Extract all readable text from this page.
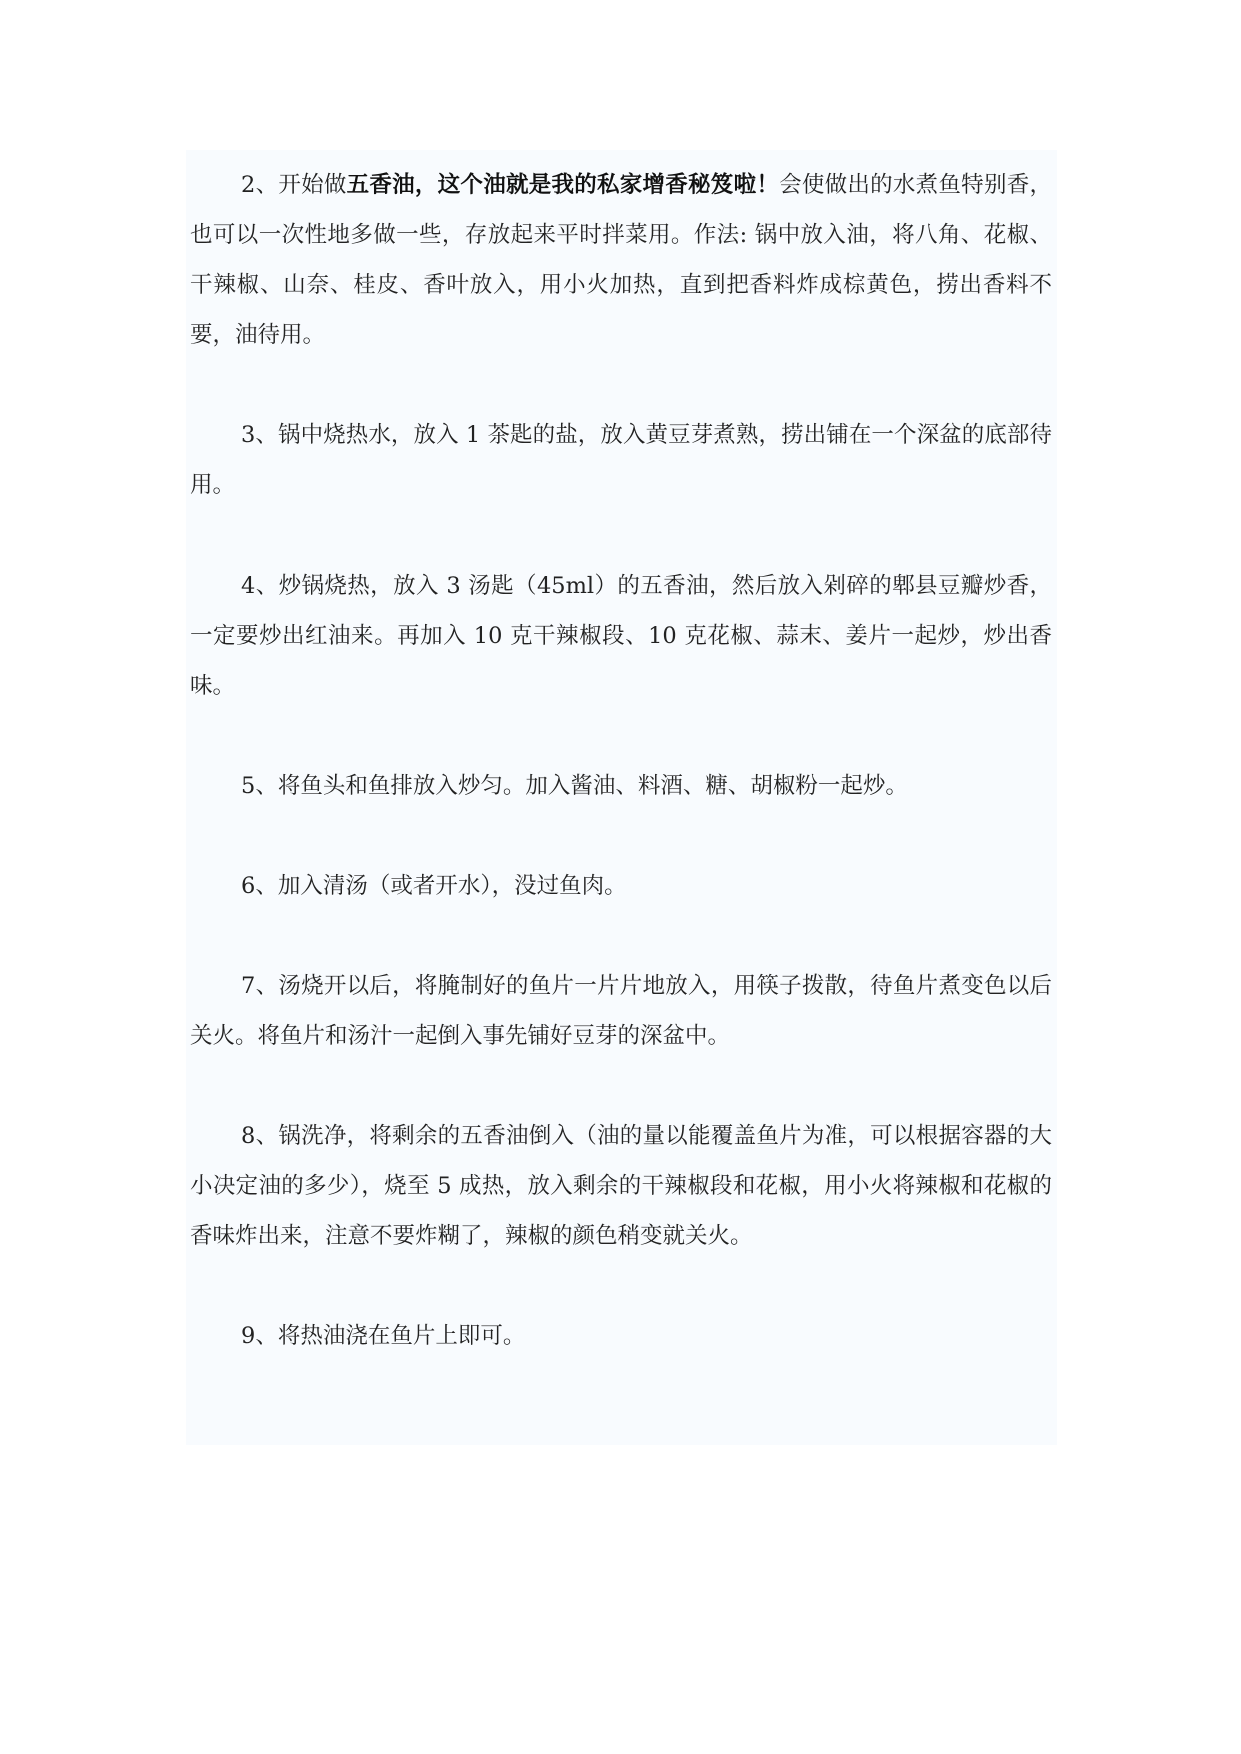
2、开始做五香油，这个油就是我的私家增香秘笈啦！会使做出的水煮鱼特别香，也可以一次性地多做一些，存放起来平时拌菜用。作法: 锅中放入油，将八角、花椒、干辣椒、山奈、桂皮、香叶放入，用小火加热，直到把香料炸成棕黄色，捞出香料不要，油待用。

3、锅中烧热水，放入 1 茶匙的盐，放入黄豆芽煮熟，捞出铺在一个深盆的底部待用。

4、炒锅烧热，放入 3 汤匙（45ml）的五香油，然后放入剁碎的郫县豆瓣炒香，一定要炒出红油来。再加入 10 克干辣椒段、10 克花椒、蒜末、姜片一起炒，炒出香味。

5、将鱼头和鱼排放入炒匀。加入酱油、料酒、糖、胡椒粉一起炒。

6、加入清汤（或者开水），没过鱼肉。

7、汤烧开以后，将腌制好的鱼片一片片地放入，用筷子拨散，待鱼片煮变色以后关火。将鱼片和汤汁一起倒入事先铺好豆芽的深盆中。

8、锅洗净，将剩余的五香油倒入（油的量以能覆盖鱼片为准，可以根据容器的大小决定油的多少），烧至 5 成热，放入剩余的干辣椒段和花椒，用小火将辣椒和花椒的香味炸出来，注意不要炸糊了，辣椒的颜色稍变就关火。

9、将热油浇在鱼片上即可。
